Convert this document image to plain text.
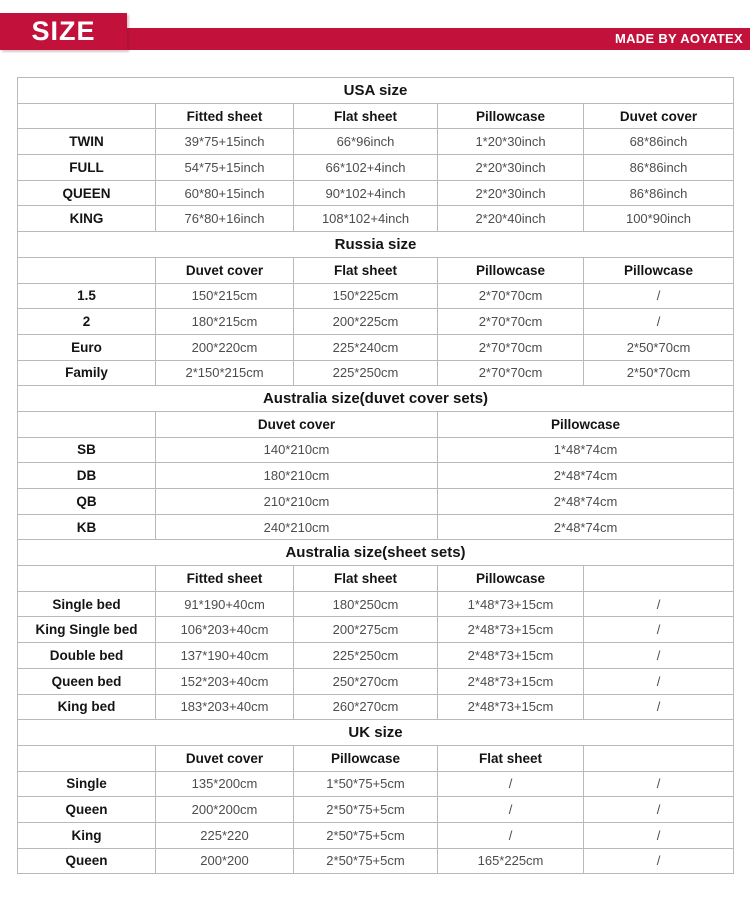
SIZE	MADE BY AOYATEX
USA size				
	Fitted sheet	Flat sheet	Pillowcase	Duvet cover
TWIN	39*75+15inch	66*96inch	1*20*30inch	68*86inch
FULL	54*75+15inch	66*102+4inch	2*20*30inch	86*86inch
QUEEN	60*80+15inch	90*102+4inch	2*20*30inch	86*86inch
KING	76*80+16inch	108*102+4inch	2*20*40inch	100*90inch
Russia size				
	Duvet cover	Flat sheet	Pillowcase	Pillowcase
1.5	150*215cm	150*225cm	2*70*70cm	/
2	180*215cm	200*225cm	2*70*70cm	/
Euro	200*220cm	225*240cm	2*70*70cm	2*50*70cm
Family	2*150*215cm	225*250cm	2*70*70cm	2*50*70cm
Australia size(duvet cover sets)				
	Duvet cover		Pillowcase	
SB	140*210cm		1*48*74cm	
DB	180*210cm		2*48*74cm	
QB	210*210cm		2*48*74cm	
KB	240*210cm		2*48*74cm	
Australia size(sheet sets)				
	Fitted sheet	Flat sheet	Pillowcase	
Single bed	91*190+40cm	180*250cm	1*48*73+15cm	/
King Single bed	106*203+40cm	200*275cm	2*48*73+15cm	/
Double bed	137*190+40cm	225*250cm	2*48*73+15cm	/
Queen bed	152*203+40cm	250*270cm	2*48*73+15cm	/
King bed	183*203+40cm	260*270cm	2*48*73+15cm	/
UK size				
	Duvet cover	Pillowcase	Flat sheet	
Single	135*200cm	1*50*75+5cm	/	/
Queen	200*200cm	2*50*75+5cm	/	/
King	225*220	2*50*75+5cm	/	/
Queen	200*200	2*50*75+5cm	165*225cm	/
